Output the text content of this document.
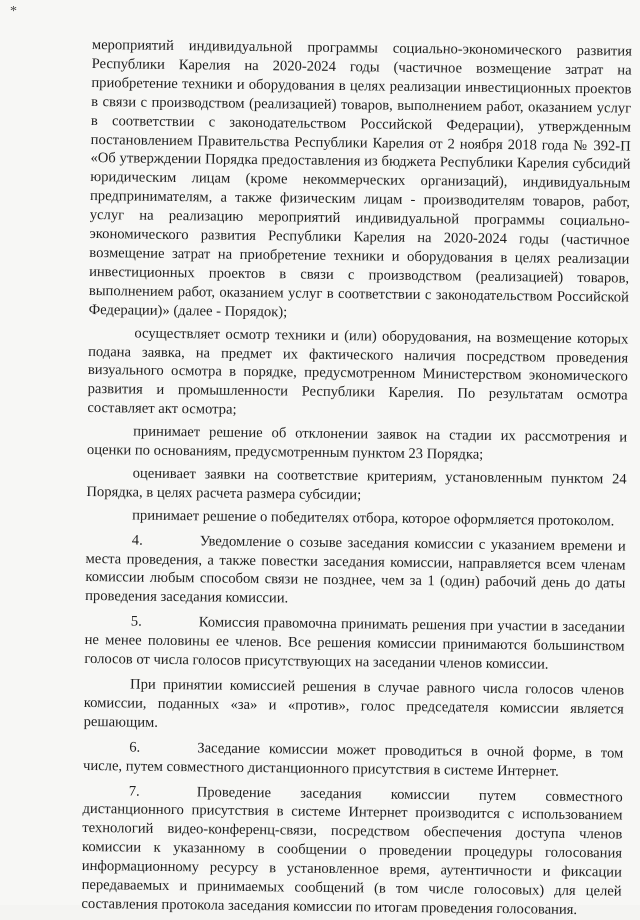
*

мероприятий индивидуальной программы социально-экономического развития Республики Карелия на 2020-2024 годы (частичное возмещение затрат на приобретение техники и оборудования в целях реализации инвестиционных проектов в связи с производством (реализацией) товаров, выполнением работ, оказанием услуг в соответствии с законодательством Российской Федерации), утвержденным постановлением Правительства Республики Карелия от 2 ноября 2018 года № 392-П «Об утверждении Порядка предоставления из бюджета Республики Карелия субсидий юридическим лицам (кроме некоммерческих организаций), индивидуальным предпринимателям, а также физическим лицам - производителям товаров, работ, услуг на реализацию мероприятий индивидуальной программы социально-экономического развития Республики Карелия на 2020-2024 годы (частичное возмещение затрат на приобретение техники и оборудования в целях реализации инвестиционных проектов в связи с производством (реализацией) товаров, выполнением работ, оказанием услуг в соответствии с законодательством Российской Федерации)» (далее - Порядок);

осуществляет осмотр техники и (или) оборудования, на возмещение которых подана заявка, на предмет их фактического наличия посредством проведения визуального осмотра в порядке, предусмотренном Министерством экономического развития и промышленности Республики Карелия. По результатам осмотра составляет акт осмотра;

принимает решение об отклонении заявок на стадии их рассмотрения и оценки по основаниям, предусмотренным пунктом 23 Порядка;

оценивает заявки на соответствие критериям, установленным пунктом 24 Порядка, в целях расчета размера субсидии;

принимает решение о победителях отбора, которое оформляется протоколом.

4.	Уведомление о созыве заседания комиссии с указанием времени и места проведения, а также повестки заседания комиссии, направляется всем членам комиссии любым способом связи не позднее, чем за 1 (один) рабочий день до даты проведения заседания комиссии.

5.	Комиссия правомочна принимать решения при участии в заседании не менее половины ее членов. Все решения комиссии принимаются большинством голосов от числа голосов присутствующих на заседании членов комиссии.

При принятии комиссией решения в случае равного числа голосов членов комиссии, поданных «за» и «против», голос председателя комиссии является решающим.

6.	Заседание комиссии может проводиться в очной форме, в том числе, путем совместного дистанционного присутствия в системе Интернет.

7.	Проведение заседания комиссии путем совместного дистанционного присутствия в системе Интернет производится с использованием технологий видео-конференц-связи, посредством обеспечения доступа членов комиссии к указанному в сообщении о проведении процедуры голосования информационному ресурсу в установленное время, аутентичности и фиксации передаваемых и принимаемых сообщений (в том числе голосовых) для целей составления протокола заседания комиссии по итогам проведения голосования.
